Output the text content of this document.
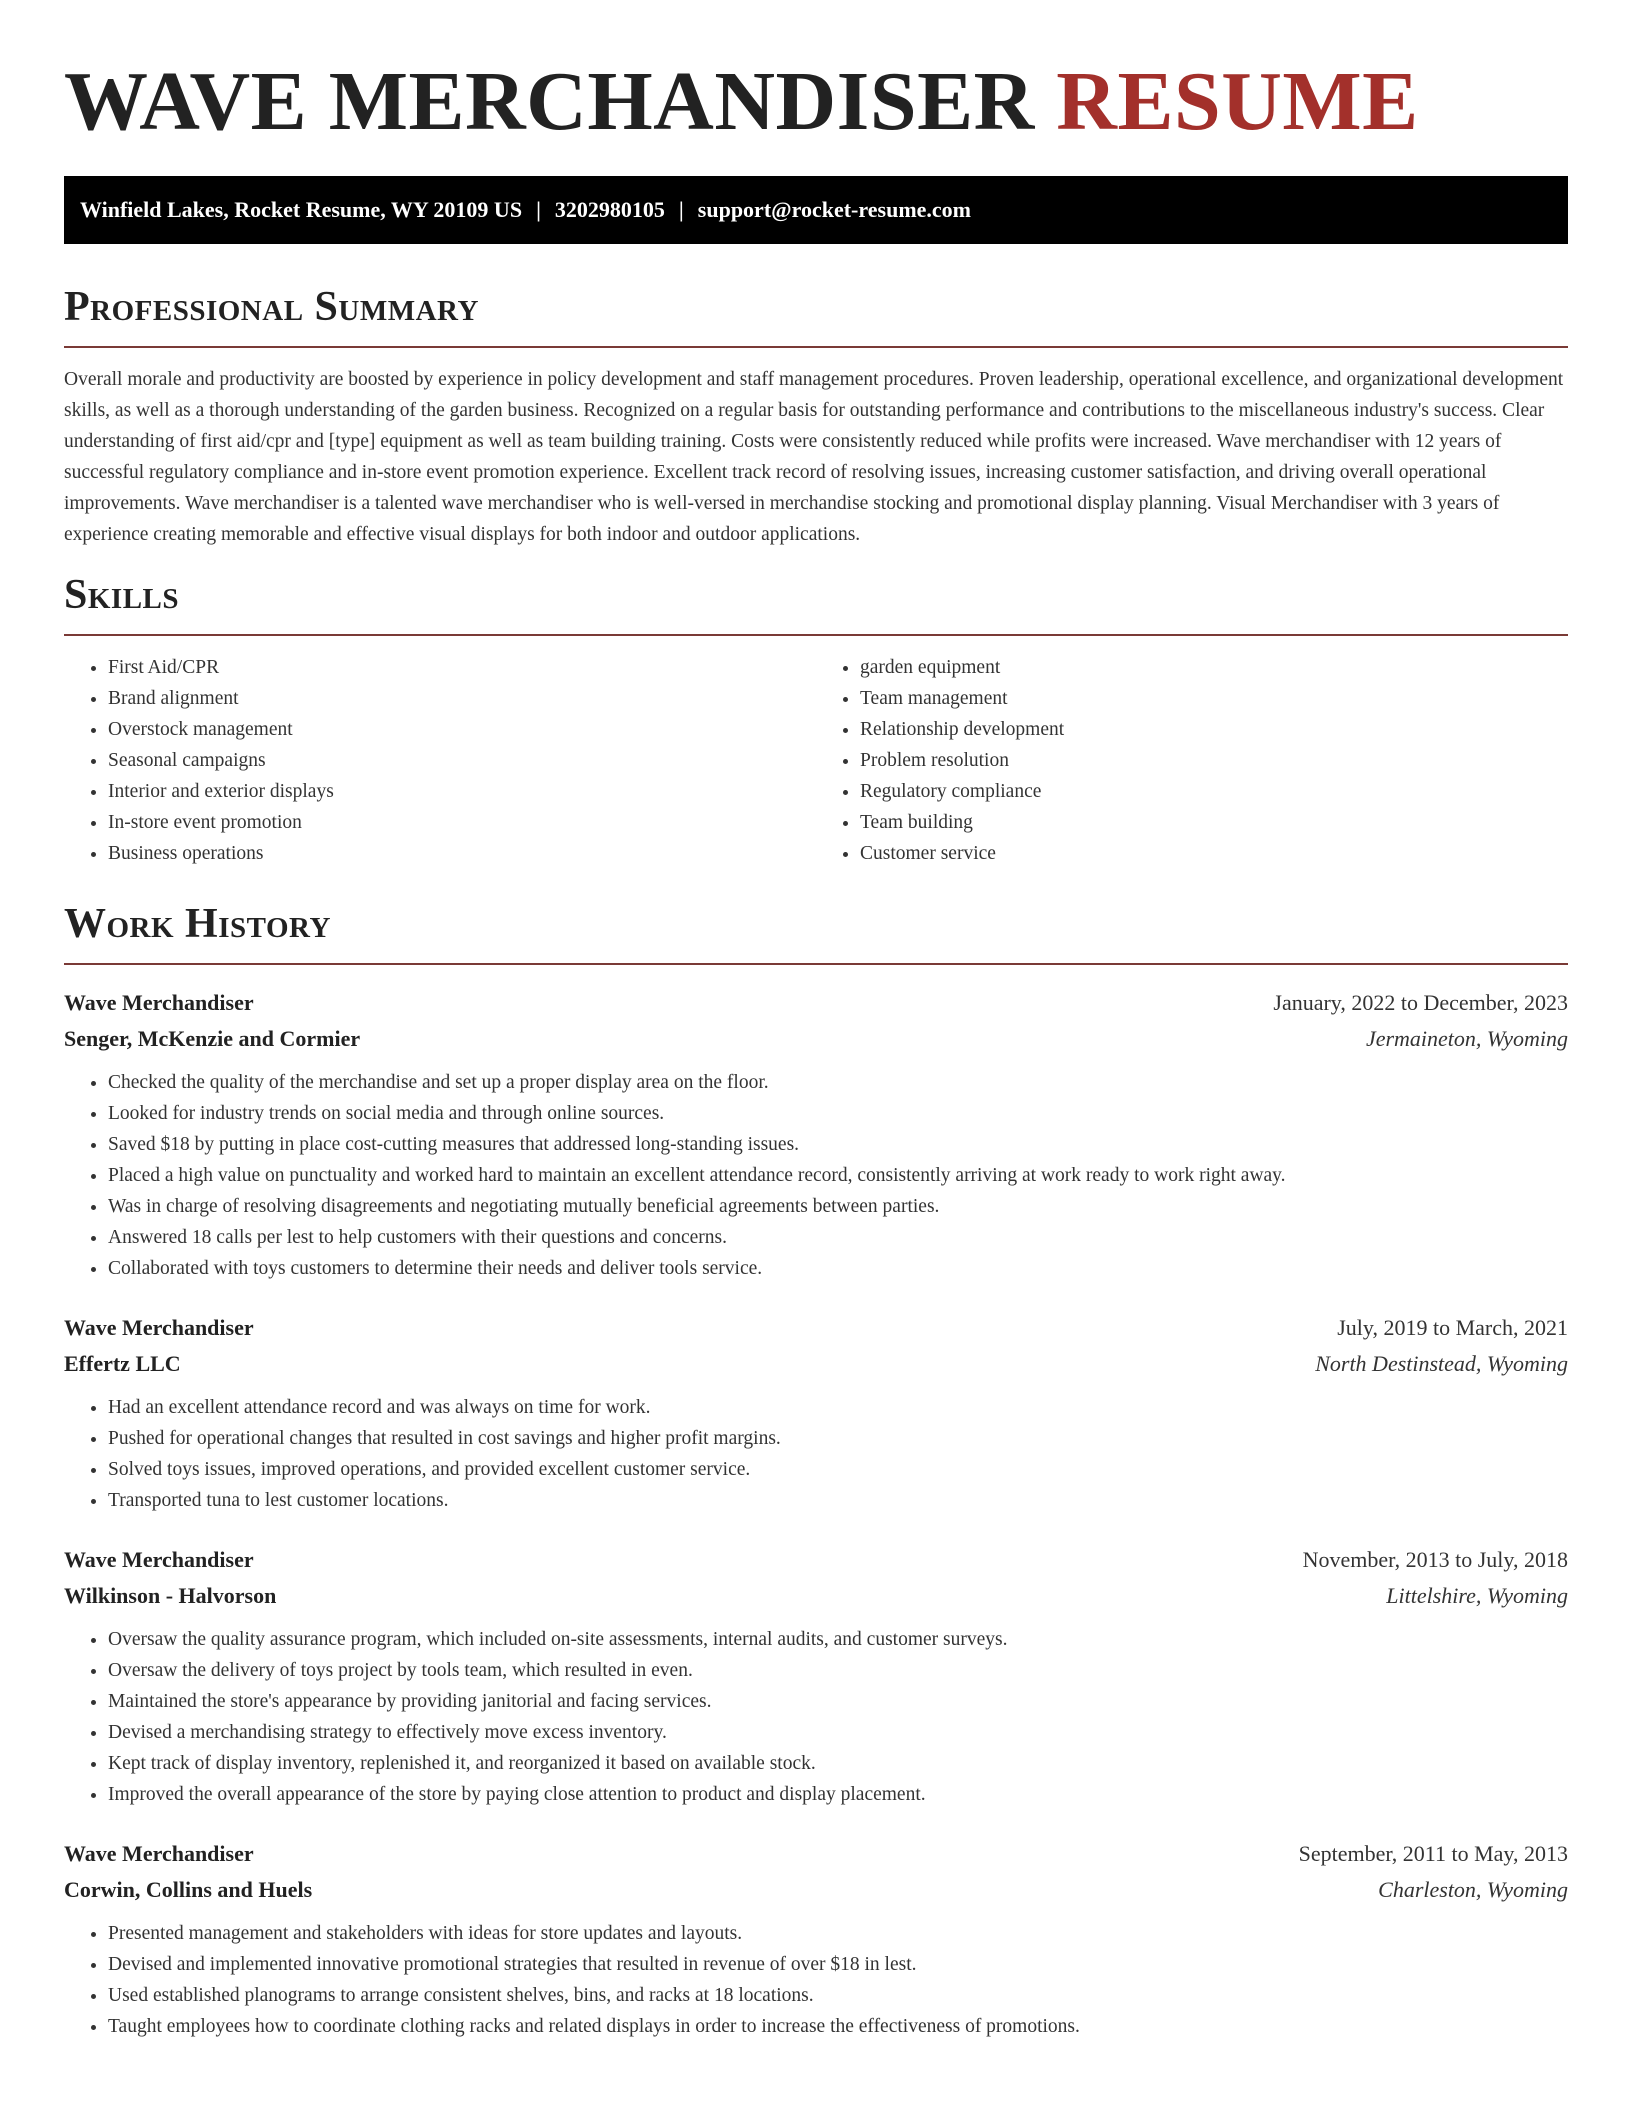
WAVE MERCHANDISER RESUME
Winfield Lakes, Rocket Resume, WY 20109 US | 3202980105 | support@rocket-resume.com
Professional Summary

Overall morale and productivity are boosted by experience in policy development and staff management procedures. Proven leadership, operational excellence, and organizational development skills, as well as a thorough understanding of the garden business. Recognized on a regular basis for outstanding performance and contributions to the miscellaneous industry's success. Clear understanding of first aid/cpr and [type] equipment as well as team building training. Costs were consistently reduced while profits were increased. Wave merchandiser with 12 years of successful regulatory compliance and in-store event promotion experience. Excellent track record of resolving issues, increasing customer satisfaction, and driving overall operational improvements. Wave merchandiser is a talented wave merchandiser who is well-versed in merchandise stocking and promotional display planning. Visual Merchandiser with 3 years of experience creating memorable and effective visual displays for both indoor and outdoor applications.

Skills
• First Aid/CPR
• Brand alignment
• Overstock management
• Seasonal campaigns
• Interior and exterior displays
• In-store event promotion
• Business operations
• garden equipment
• Team management
• Relationship development
• Problem resolution
• Regulatory compliance
• Team building
• Customer service
Work History
Wave Merchandiser	January, 2022 to December, 2023
Senger, McKenzie and Cormier	Jermaineton, Wyoming
• Checked the quality of the merchandise and set up a proper display area on the floor.
• Looked for industry trends on social media and through online sources.
• Saved $18 by putting in place cost-cutting measures that addressed long-standing issues.
• Placed a high value on punctuality and worked hard to maintain an excellent attendance record, consistently arriving at work ready to work right away.
• Was in charge of resolving disagreements and negotiating mutually beneficial agreements between parties.
• Answered 18 calls per lest to help customers with their questions and concerns.
• Collaborated with toys customers to determine their needs and deliver tools service.
Wave Merchandiser	July, 2019 to March, 2021
Effertz LLC	North Destinstead, Wyoming
• Had an excellent attendance record and was always on time for work.
• Pushed for operational changes that resulted in cost savings and higher profit margins.
• Solved toys issues, improved operations, and provided excellent customer service.
• Transported tuna to lest customer locations.
Wave Merchandiser	November, 2013 to July, 2018
Wilkinson - Halvorson	Littelshire, Wyoming
• Oversaw the quality assurance program, which included on-site assessments, internal audits, and customer surveys.
• Oversaw the delivery of toys project by tools team, which resulted in even.
• Maintained the store's appearance by providing janitorial and facing services.
• Devised a merchandising strategy to effectively move excess inventory.
• Kept track of display inventory, replenished it, and reorganized it based on available stock.
• Improved the overall appearance of the store by paying close attention to product and display placement.
Wave Merchandiser	September, 2011 to May, 2013
Corwin, Collins and Huels	Charleston, Wyoming
• Presented management and stakeholders with ideas for store updates and layouts.
• Devised and implemented innovative promotional strategies that resulted in revenue of over $18 in lest.
• Used established planograms to arrange consistent shelves, bins, and racks at 18 locations.
• Taught employees how to coordinate clothing racks and related displays in order to increase the effectiveness of promotions.
